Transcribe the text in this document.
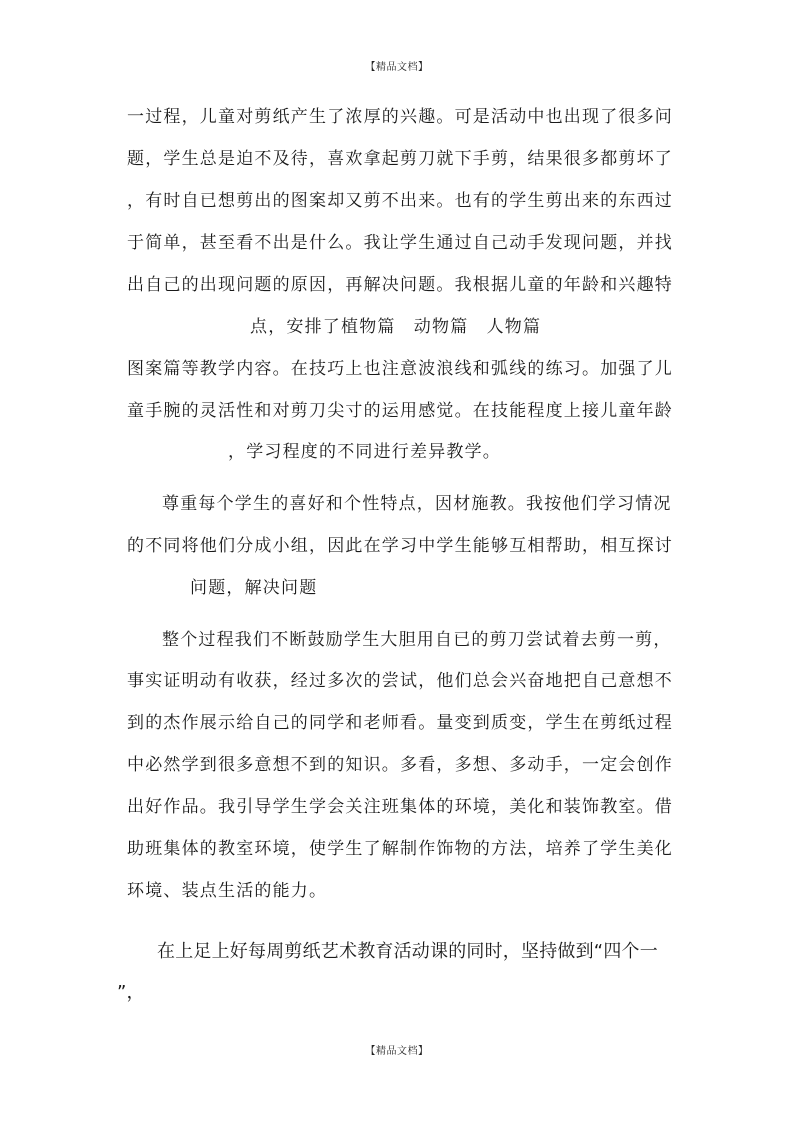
【精品文档】
一过程，儿童对剪纸产生了浓厚的兴趣。可是活动中也出现了很多问
题，学生总是迫不及待，喜欢拿起剪刀就下手剪，结果很多都剪坏了
，有时自已想剪出的图案却又剪不出来。也有的学生剪出来的东西过
于简单，甚至看不出是什么。我让学生通过自己动手发现问题，并找
出自己的出现问题的原因，再解决问题。我根据儿童的年龄和兴趣特
点，安排了植物篇　动物篇　人物篇
图案篇等教学内容。在技巧上也注意波浪线和弧线的练习。加强了儿
童手腕的灵活性和对剪刀尖寸的运用感觉。在技能程度上接儿童年龄
，学习程度的不同进行差异教学。
尊重每个学生的喜好和个性特点，因材施教。我按他们学习情况
的不同将他们分成小组，因此在学习中学生能够互相帮助，相互探讨
问题，解决问题
整个过程我们不断鼓励学生大胆用自已的剪刀尝试着去剪一剪，
事实证明动有收获，经过多次的尝试，他们总会兴奋地把自己意想不
到的杰作展示给自己的同学和老师看。量变到质变，学生在剪纸过程
中必然学到很多意想不到的知识。多看，多想、多动手，一定会创作
出好作品。我引导学生学会关注班集体的环境，美化和装饰教室。借
助班集体的教室环境，使学生了解制作饰物的方法，培养了学生美化
环境、装点生活的能力。
在上足上好每周剪纸艺术教育活动课的同时，坚持做到“四个一
”，
【精品文档】
